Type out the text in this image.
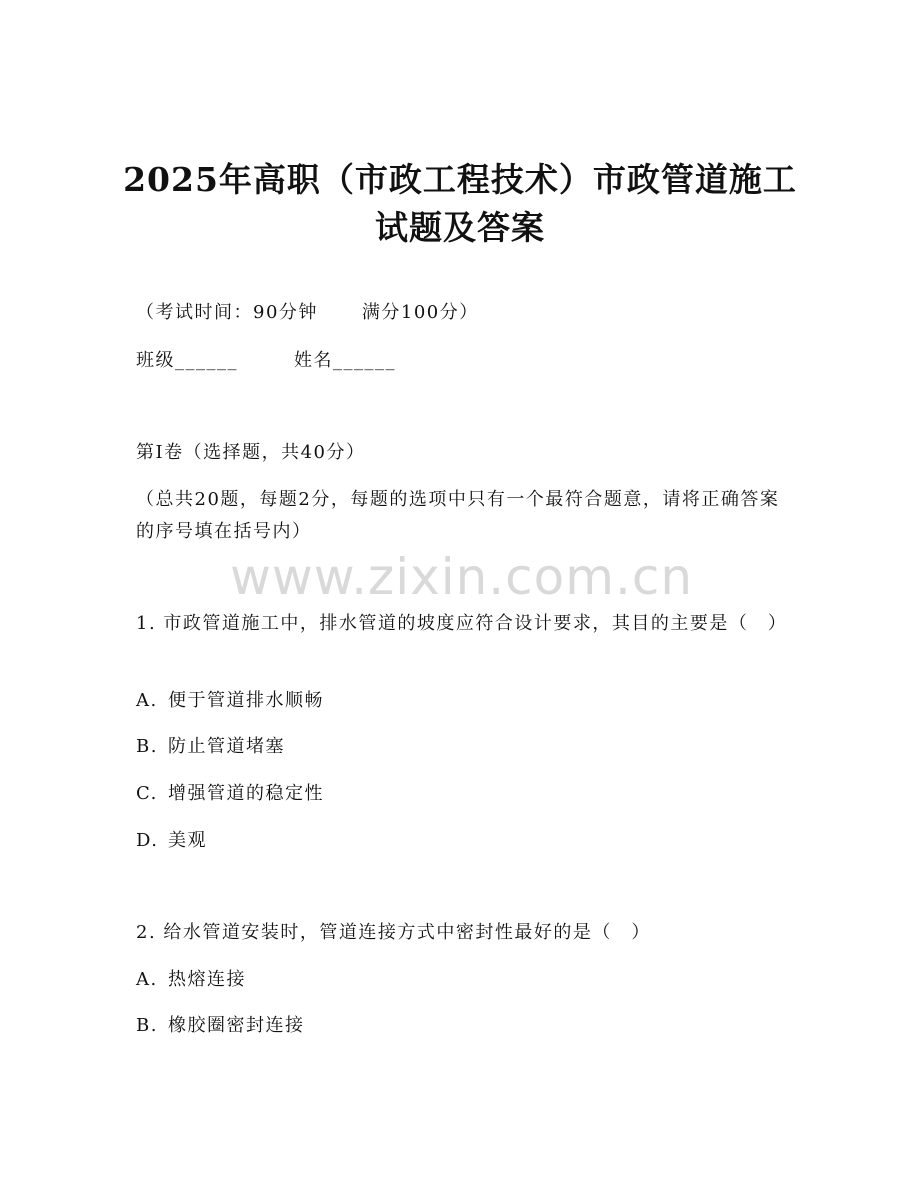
2025年高职（市政工程技术）市政管道施工
试题及答案
（考试时间：90分钟 满分100分）
班级______	姓名______
第I卷（选择题，共40分）
（总共20题，每题2分，每题的选项中只有一个最符合题意，请将正确答案的序号填在括号内）
www.zixin.com.cn
1. 市政管道施工中，排水管道的坡度应符合设计要求，其目的主要是（　）
A. 便于管道排水顺畅
B. 防止管道堵塞
C. 增强管道的稳定性
D. 美观
2. 给水管道安装时，管道连接方式中密封性最好的是（　）
A. 热熔连接
B. 橡胶圈密封连接
